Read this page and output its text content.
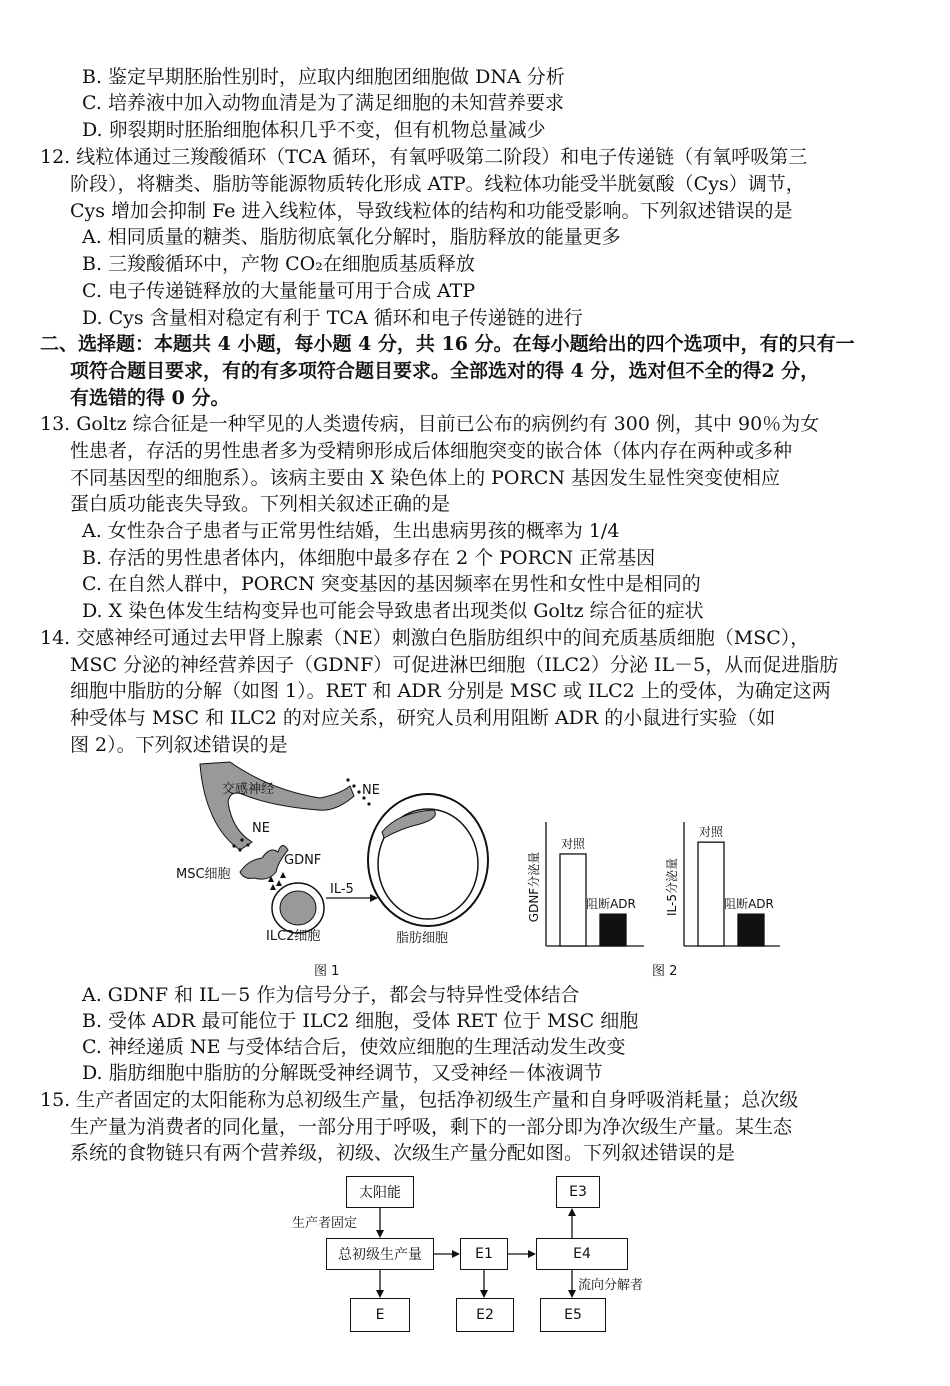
B. 鉴定早期胚胎性别时，应取内细胞团细胞做 DNA 分析
C. 培养液中加入动物血清是为了满足细胞的未知营养要求
D. 卵裂期时胚胎细胞体积几乎不变，但有机物总量减少
12. 线粒体通过三羧酸循环（TCA 循环，有氧呼吸第二阶段）和电子传递链（有氧呼吸第三
阶段），将糖类、脂肪等能源物质转化形成 ATP。线粒体功能受半胱氨酸（Cys）调节，
Cys 增加会抑制 Fe 进入线粒体，导致线粒体的结构和功能受影响。下列叙述错误的是
A. 相同质量的糖类、脂肪彻底氧化分解时，脂肪释放的能量更多
B. 三羧酸循环中，产物 CO₂在细胞质基质释放
C. 电子传递链释放的大量能量可用于合成 ATP
D. Cys 含量相对稳定有利于 TCA 循环和电子传递链的进行
二、选择题：本题共 4 小题，每小题 4 分，共 16 分。在每小题给出的四个选项中，有的只有一
项符合题目要求，有的有多项符合题目要求。全部选对的得 4 分，选对但不全的得2 分，
有选错的得 0 分。
13. Goltz 综合征是一种罕见的人类遗传病，目前已公布的病例约有 300 例，其中 90％为女
性患者，存活的男性患者多为受精卵形成后体细胞突变的嵌合体（体内存在两种或多种
不同基因型的细胞系）。该病主要由 X 染色体上的 PORCN 基因发生显性突变使相应
蛋白质功能丧失导致。下列相关叙述正确的是
A. 女性杂合子患者与正常男性结婚，生出患病男孩的概率为 1/4
B. 存活的男性患者体内，体细胞中最多存在 2 个 PORCN 正常基因
C. 在自然人群中，PORCN 突变基因的基因频率在男性和女性中是相同的
D. X 染色体发生结构变异也可能会导致患者出现类似 Goltz 综合征的症状
14. 交感神经可通过去甲肾上腺素（NE）刺激白色脂肪组织中的间充质基质细胞（MSC），
MSC 分泌的神经营养因子（GDNF）可促进淋巴细胞（ILC2）分泌 IL－5，从而促进脂肪
细胞中脂肪的分解（如图 1）。RET 和 ADR 分别是 MSC 或 ILC2 上的受体，为确定这两
种受体与 MSC 和 ILC2 的对应关系，研究人员利用阻断 ADR 的小鼠进行实验（如
图 2）。下列叙述错误的是
交感神经	NE
NE
MSC细胞
GDNF
ILC2细胞
IL-5
脂肪细胞
图 1
GDNF分泌量
对照
阻断ADR IL-5分泌量
对照
阻断ADR
图 2
A. GDNF 和 IL－5 作为信号分子，都会与特异性受体结合
B. 受体 ADR 最可能位于 ILC2 细胞，受体 RET 位于 MSC 细胞
C. 神经递质 NE 与受体结合后，使效应细胞的生理活动发生改变
D. 脂肪细胞中脂肪的分解既受神经调节，又受神经－体液调节
15. 生产者固定的太阳能称为总初级生产量，包括净初级生产量和自身呼吸消耗量；总次级
生产量为消费者的同化量，一部分用于呼吸，剩下的一部分即为净次级生产量。某生态
系统的食物链只有两个营养级，初级、次级生产量分配如图。下列叙述错误的是
太阳能
生产者固定
总初级生产量	E1	E4
E3
E	E2	E5
流向分解者
